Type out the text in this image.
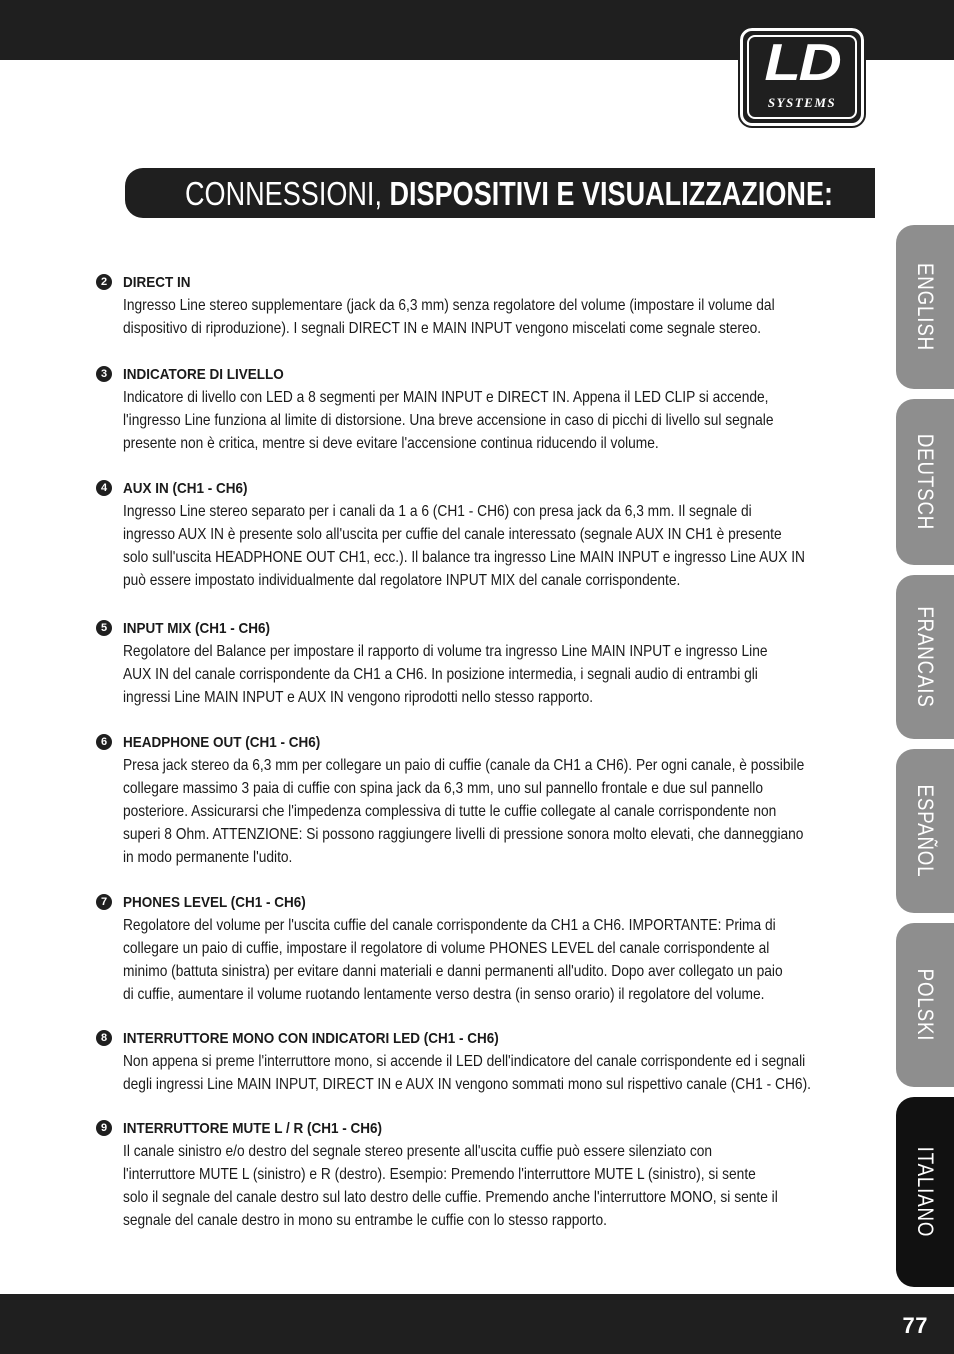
LD
SYSTEMS
CONNESSIONI, DISPOSITIVI E VISUALIZZAZIONE:
2	DIRECT IN
Ingresso Line stereo supplementare (jack da 6,3 mm) senza regolatore del volume (impostare il volume dal
dispositivo di riproduzione). I segnali DIRECT IN e MAIN INPUT vengono miscelati come segnale stereo.
3	INDICATORE DI LIVELLO
Indicatore di livello con LED a 8 segmenti per MAIN INPUT e DIRECT IN. Appena il LED CLIP si accende,
l'ingresso Line funziona al limite di distorsione. Una breve accensione in caso di picchi di livello sul segnale
presente non è critica, mentre si deve evitare l'accensione continua riducendo il volume.
4	AUX IN (CH1 - CH6)
Ingresso Line stereo separato per i canali da 1 a 6 (CH1 - CH6) con presa jack da 6,3 mm. Il segnale di
ingresso AUX IN è presente solo all'uscita per cuffie del canale interessato (segnale AUX IN CH1 è presente
solo sull'uscita HEADPHONE OUT CH1, ecc.). Il balance tra ingresso Line MAIN INPUT e ingresso Line AUX IN
può essere impostato individualmente dal regolatore INPUT MIX del canale corrispondente.
5	INPUT MIX (CH1 - CH6)
Regolatore del Balance per impostare il rapporto di volume tra ingresso Line MAIN INPUT e ingresso Line
AUX IN del canale corrispondente da CH1 a CH6. In posizione intermedia, i segnali audio di entrambi gli
ingressi Line MAIN INPUT e AUX IN vengono riprodotti nello stesso rapporto.
6	HEADPHONE OUT (CH1 - CH6)
Presa jack stereo da 6,3 mm per collegare un paio di cuffie (canale da CH1 a CH6). Per ogni canale, è possibile
collegare massimo 3 paia di cuffie con spina jack da 6,3 mm, uno sul pannello frontale e due sul pannello
posteriore. Assicurarsi che l'impedenza complessiva di tutte le cuffie collegate al canale corrispondente non
superi 8 Ohm. ATTENZIONE: Si possono raggiungere livelli di pressione sonora molto elevati, che danneggiano
in modo permanente l'udito.
7	PHONES LEVEL (CH1 - CH6)
Regolatore del volume per l'uscita cuffie del canale corrispondente da CH1 a CH6. IMPORTANTE: Prima di
collegare un paio di cuffie, impostare il regolatore di volume PHONES LEVEL del canale corrispondente al
minimo (battuta sinistra) per evitare danni materiali e danni permanenti all'udito. Dopo aver collegato un paio
di cuffie, aumentare il volume ruotando lentamente verso destra (in senso orario) il regolatore del volume.
8	INTERRUTTORE MONO CON INDICATORI LED (CH1 - CH6)
Non appena si preme l'interruttore mono, si accende il LED dell'indicatore del canale corrispondente ed i segnali
degli ingressi Line MAIN INPUT, DIRECT IN e AUX IN vengono sommati mono sul rispettivo canale (CH1 - CH6).
9	INTERRUTTORE MUTE L / R (CH1 - CH6)
Il canale sinistro e/o destro del segnale stereo presente all'uscita cuffie può essere silenziato con
l'interruttore MUTE L (sinistro) e R (destro). Esempio: Premendo l'interruttore MUTE L (sinistro), si sente
solo il segnale del canale destro sul lato destro delle cuffie. Premendo anche l'interruttore MONO, si sente il
segnale del canale destro in mono su entrambe le cuffie con lo stesso rapporto.
ENGLISH
DEUTSCH
FRANCAIS
ESPAÑOL
POLSKI
ITALIANO
77
